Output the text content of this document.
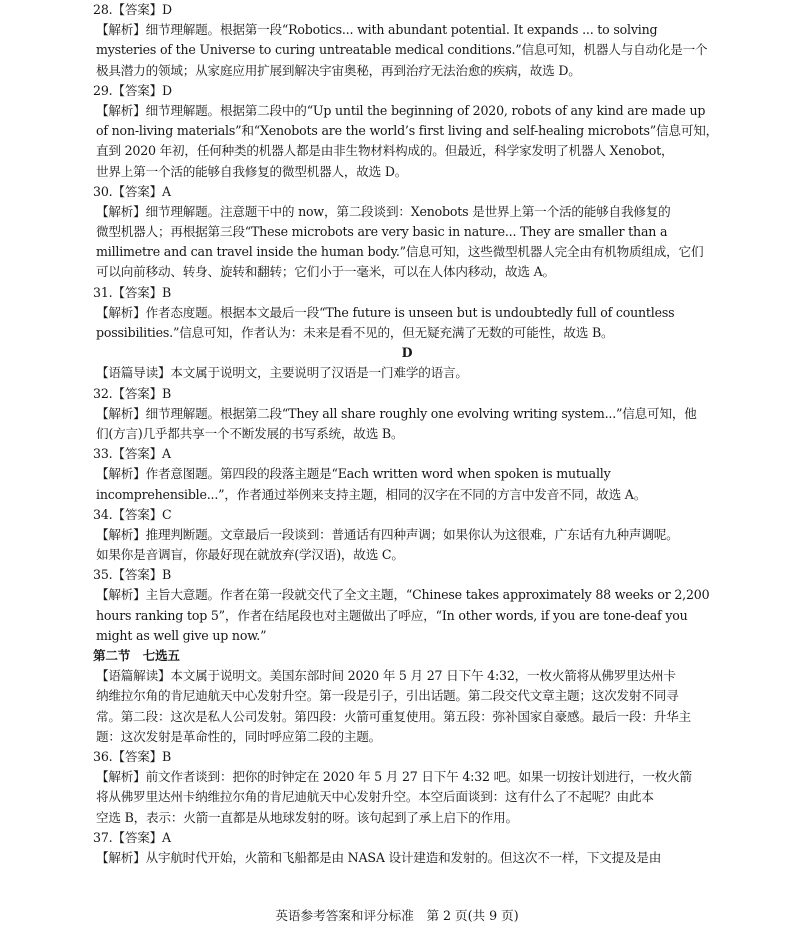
28.【答案】D
【解析】细节理解题。根据第一段“Robotics... with abundant potential. It expands ... to solving
mysteries of the Universe to curing untreatable medical conditions.”信息可知，机器人与自动化是一个
极具潜力的领域；从家庭应用扩展到解决宇宙奥秘，再到治疗无法治愈的疾病，故选 D。
29.【答案】D
【解析】细节理解题。根据第二段中的“Up until the beginning of 2020, robots of any kind are made up
of non-living materials”和“Xenobots are the world’s first living and self-healing microbots”信息可知，
直到 2020 年初，任何种类的机器人都是由非生物材料构成的。但最近，科学家发明了机器人 Xenobot，
世界上第一个活的能够自我修复的微型机器人，故选 D。
30.【答案】A
【解析】细节理解题。注意题干中的 now，第二段谈到：Xenobots 是世界上第一个活的能够自我修复的
微型机器人；再根据第三段“These microbots are very basic in nature... They are smaller than a
millimetre and can travel inside the human body.”信息可知，这些微型机器人完全由有机物质组成，它们
可以向前移动、转身、旋转和翻转；它们小于一毫米，可以在人体内移动，故选 A。
31.【答案】B
【解析】作者态度题。根据本文最后一段“The future is unseen but is undoubtedly full of countless
possibilities.”信息可知，作者认为：未来是看不见的，但无疑充满了无数的可能性，故选 B。
D
【语篇导读】本文属于说明文，主要说明了汉语是一门难学的语言。
32.【答案】B
【解析】细节理解题。根据第二段“They all share roughly one evolving writing system...”信息可知，他
们(方言)几乎都共享一个不断发展的书写系统，故选 B。
33.【答案】A
【解析】作者意图题。第四段的段落主题是“Each written word when spoken is mutually
incomprehensible...”，作者通过举例来支持主题，相同的汉字在不同的方言中发音不同，故选 A。
34.【答案】C
【解析】推理判断题。文章最后一段谈到：普通话有四种声调；如果你认为这很难，广东话有九种声调呢。
如果你是音调盲，你最好现在就放弃(学汉语)，故选 C。
35.【答案】B
【解析】主旨大意题。作者在第一段就交代了全文主题，“Chinese takes approximately 88 weeks or 2,200
hours ranking top 5”，作者在结尾段也对主题做出了呼应，“In other words, if you are tone-deaf you
might as well give up now.”
第二节　七选五
【语篇解读】本文属于说明文。美国东部时间 2020 年 5 月 27 日下午 4:32，一枚火箭将从佛罗里达州卡
纳维拉尔角的肯尼迪航天中心发射升空。第一段是引子，引出话题。第二段交代文章主题；这次发射不同寻
常。第二段：这次是私人公司发射。第四段：火箭可重复使用。第五段：弥补国家自豪感。最后一段：升华主
题：这次发射是革命性的，同时呼应第二段的主题。
36.【答案】B
【解析】前文作者谈到：把你的时钟定在 2020 年 5 月 27 日下午 4:32 吧。如果一切按计划进行，一枚火箭
将从佛罗里达州卡纳维拉尔角的肯尼迪航天中心发射升空。本空后面谈到：这有什么了不起呢？由此本
空选 B，表示：火箭一直都是从地球发射的呀。该句起到了承上启下的作用。
37.【答案】A
【解析】从宇航时代开始，火箭和飞船都是由 NASA 设计建造和发射的。但这次不一样，下文提及是由
英语参考答案和评分标准　第 2 页(共 9 页)
